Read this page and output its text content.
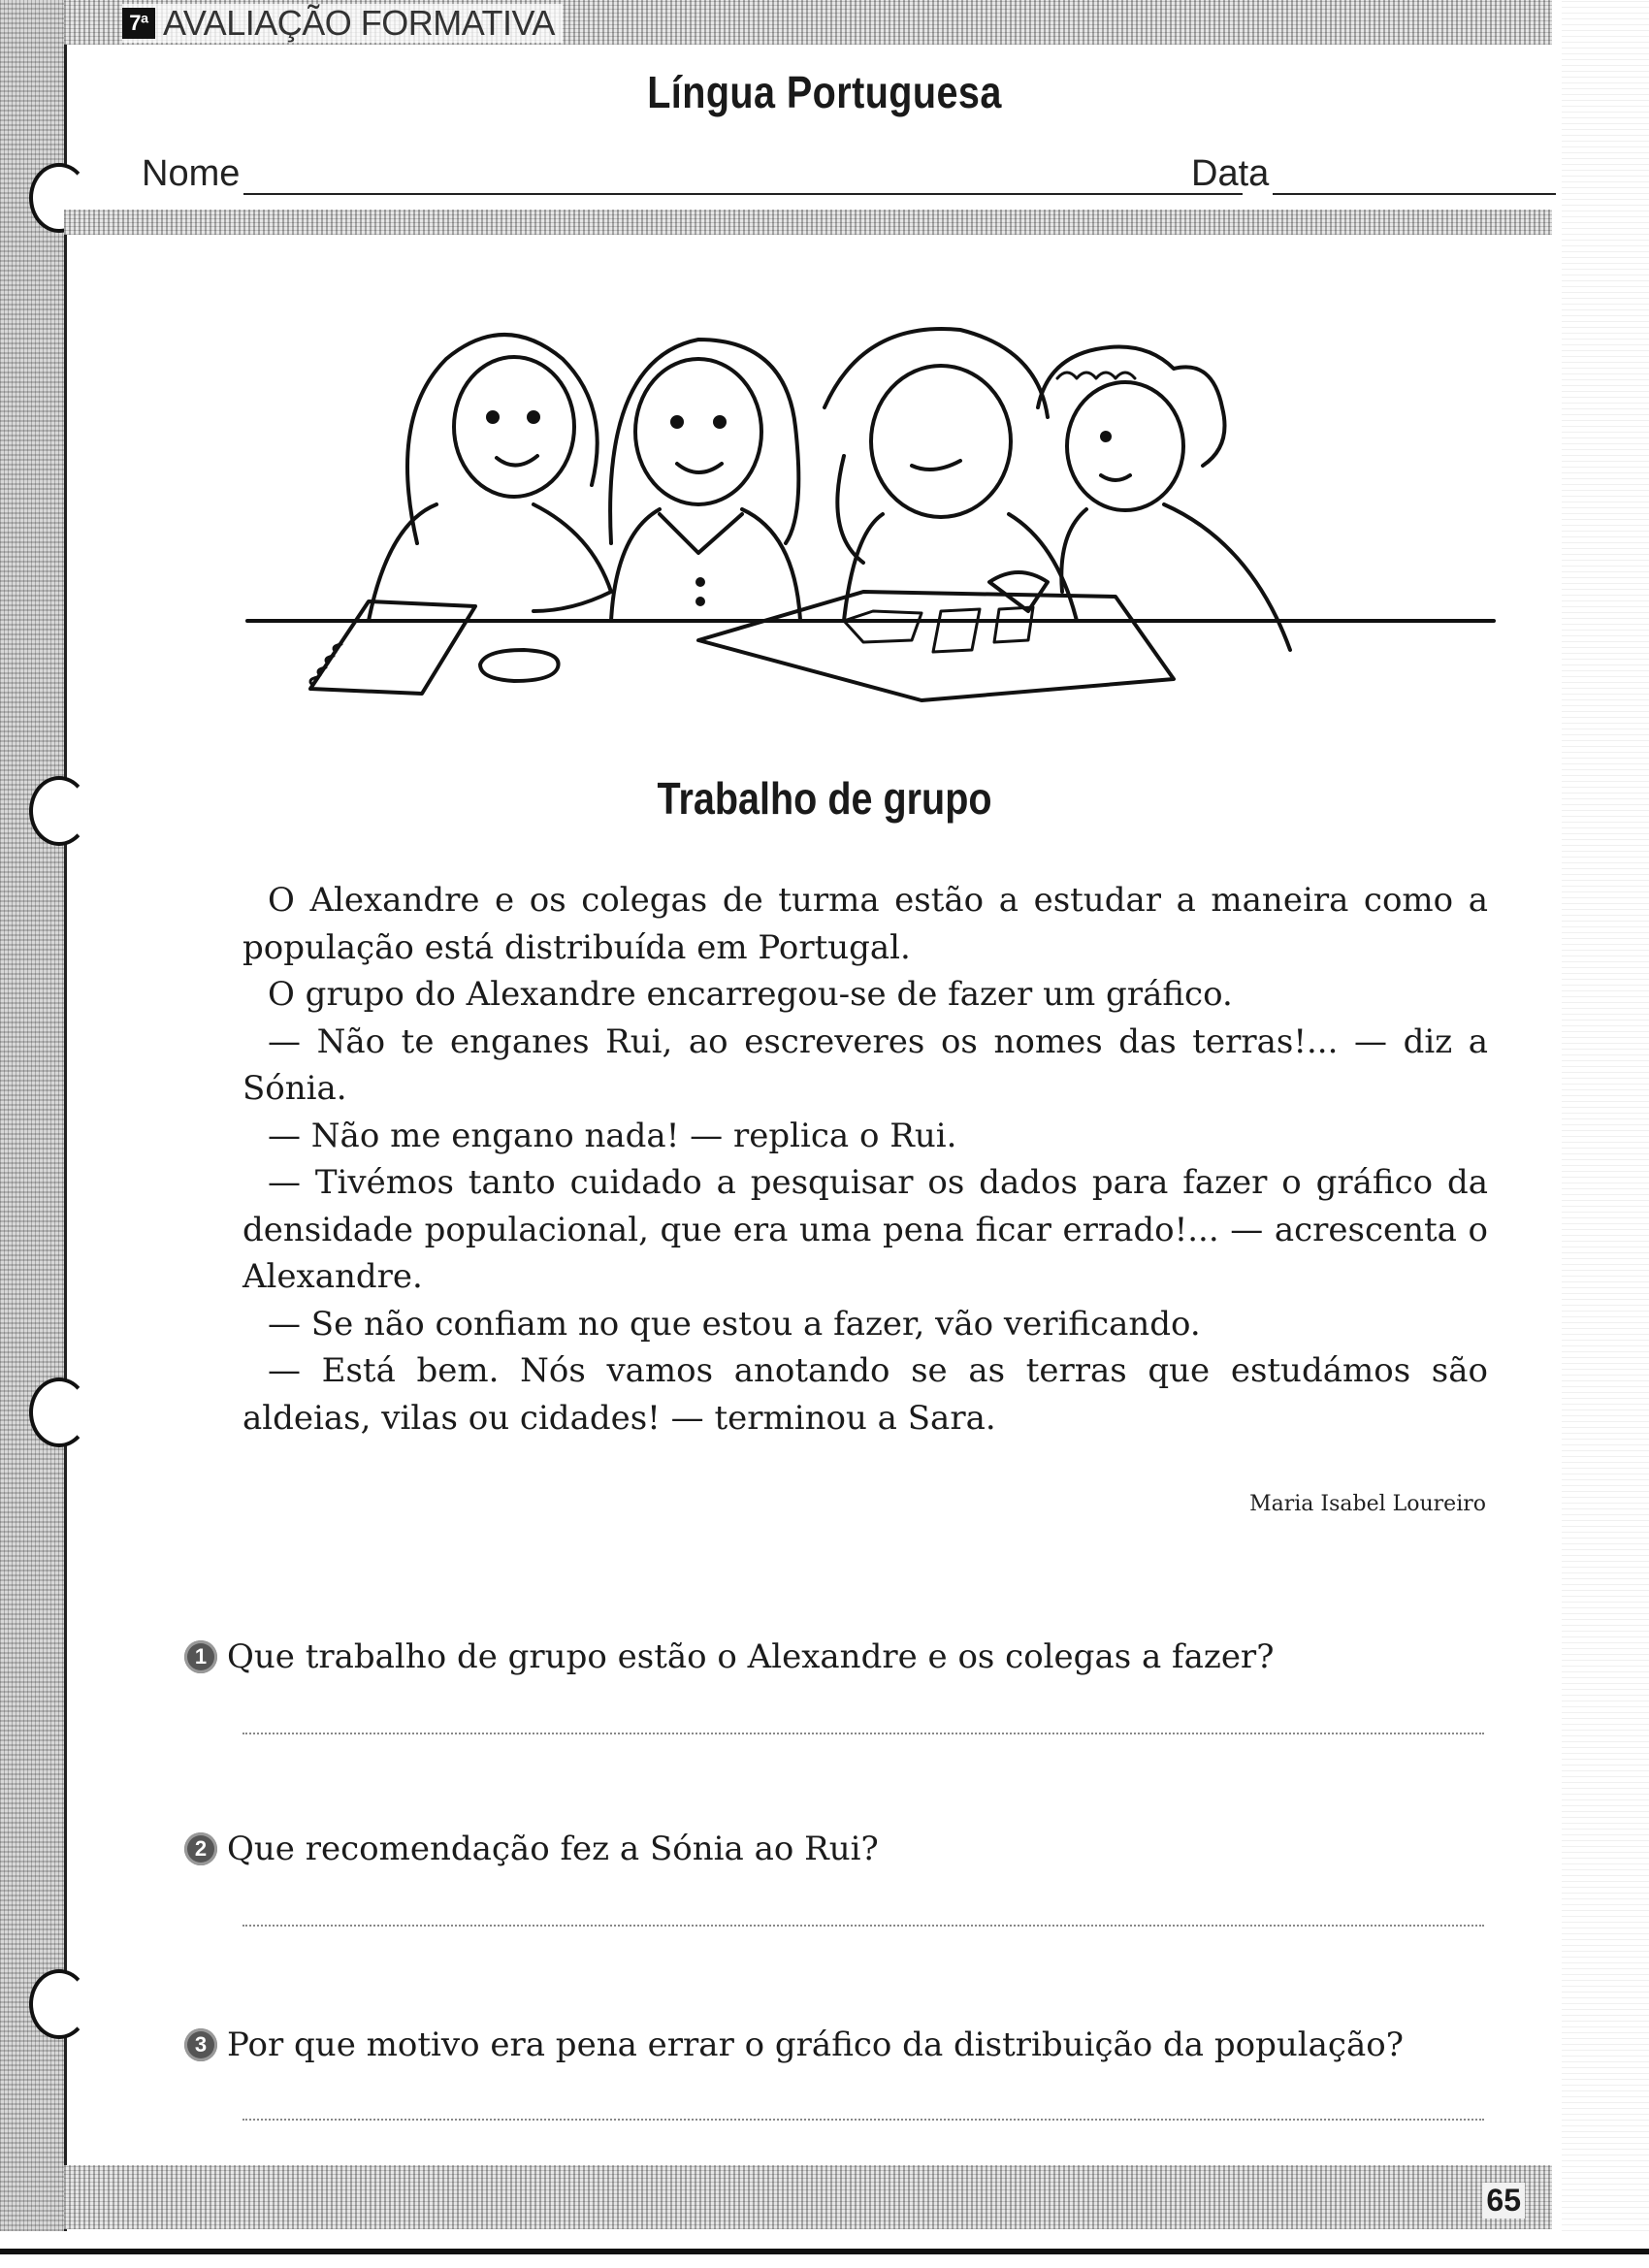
7ª AVALIAÇÃO FORMATIVA
Língua Portuguesa
Nome	Data
Trabalho de grupo

O Alexandre e os colegas de turma estão a estudar a maneira como a população está distribuída em Portugal.

O grupo do Alexandre encarregou-se de fazer um gráfico.

— Não te enganes Rui, ao escreveres os nomes das terras!... — diz a Sónia.

— Não me engano nada! — replica o Rui.

— Tivémos tanto cuidado a pesquisar os dados para fazer o gráfico da densidade populacional, que era uma pena ficar errado!... — acrescenta o Alexandre.

— Se não confiam no que estou a fazer, vão verificando.

— Está bem. Nós vamos anotando se as terras que estudámos são aldeias, vilas ou cidades! — terminou a Sara.

Maria Isabel Loureiro
1 Que trabalho de grupo estão o Alexandre e os colegas a fazer?
2 Que recomendação fez a Sónia ao Rui?
3 Por que motivo era pena errar o gráfico da distribuição da população?
65
